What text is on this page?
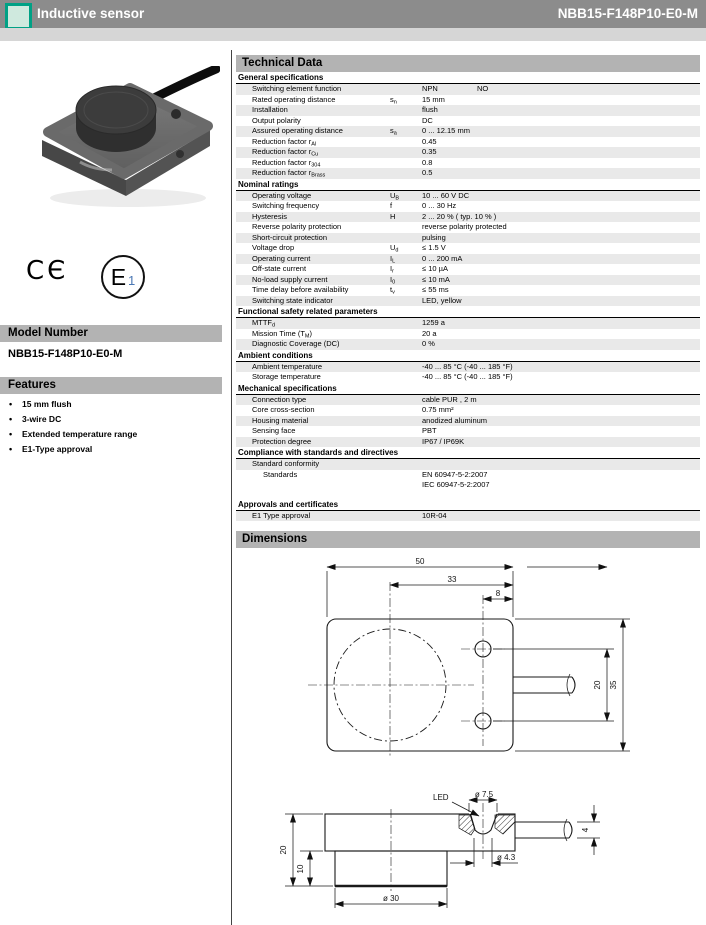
Inductive sensor	NBB15-F148P10-E0-M
CЄ E 1
Model Number
NBB15-F148P10-E0-M
Features
• 15 mm flush
• 3-wire DC
• Extended temperature range
• E1-Type approval
Technical Data
General specifications
Switching element function	NPN	NO
Rated operating distance	$s_n$	15 mm
Installation	flush
Output polarity	DC
Assured operating distance	$s_a$	0 ... 12.15 mm
Reduction factor $r_{Al}$	0.45
Reduction factor $r_{Cu}$	0.35
Reduction factor $r_{304}$	0.8
Reduction factor $r_{Brass}$	0.5
Nominal ratings
Operating voltage	$U_B$	10 ... 60 V DC
Switching frequency	f	0 ... 30 Hz
Hysteresis	H	2 ... 20 % ( typ. 10 % )
Reverse polarity protection	reverse polarity protected
Short-circuit protection	pulsing
Voltage drop	$U_d$	≤ 1.5 V
Operating current	$I_L$	0 ... 200 mA
Off-state current	$I_r$	≤ 10 µA
No-load supply current	$I_0$	≤ 10 mA
Time delay before availability	$t_v$	≤ 55 ms
Switching state indicator	LED, yellow
Functional safety related parameters
$MTTF_d$	1259 a
Mission Time $(T_M)$	20 a
Diagnostic Coverage (DC)	0 %
Ambient conditions
Ambient temperature	-40 ... 85 °C (-40 ... 185 °F)
Storage temperature	-40 ... 85 °C (-40 ... 185 °F)
Mechanical specifications
Connection type	cable PUR , 2 m
Core cross-section	0.75 mm²
Housing material	anodized aluminum
Sensing face	PBT
Protection degree	IP67 / IP69K
Compliance with standards and directives
Standard conformity
Standards	EN 60947-5-2:2007
IEC 60947-5-2:2007
Approvals and certificates
E1 Type approval	10R-04
Dimensions
50
33
8
20 35
LED	ø 7.5
ø 4.3
4
20
10
ø 30
